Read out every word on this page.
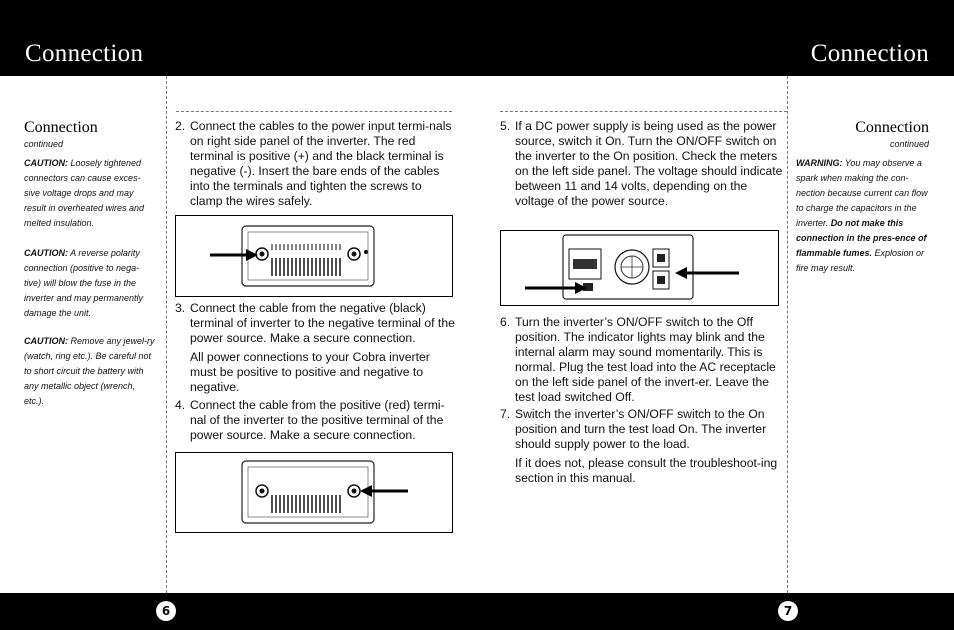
Connection	Connection
Connection
continued
CAUTION: Loosely tightened connectors can cause exces-sive voltage drops and may result in overheated wires and melted insulation.
CAUTION: A reverse polarity connection (positive to nega-tive) will blow the fuse in the inverter and may permanently damage the unit.
CAUTION: Remove any jewel-ry (watch, ring etc.). Be careful not to short circuit the battery with any metallic object (wrench, etc.).
2. Connect the cables to the power input termi-nals on right side panel of the inverter. The red terminal is positive (+) and the black terminal is negative (-). Insert the bare ends of the cables into the terminals and tighten the screws to clamp the wires safely.
3. Connect the cable from the negative (black) terminal of inverter to the negative terminal of the power source. Make a secure connection.
All power connections to your Cobra inverter must be positive to positive and negative to negative.
4. Connect the cable from the positive (red) termi-nal of the inverter to the positive terminal of the power source. Make a secure connection.
5. If a DC power supply is being used as the power source, switch it On. Turn the ON/OFF switch on the inverter to the On position. Check the meters on the left side panel. The voltage should indicate between 11 and 14 volts, depending on the voltage of the power source.
6. Turn the inverter’s ON/OFF switch to the Off position. The indicator lights may blink and the internal alarm may sound momentarily. This is normal. Plug the test load into the AC receptacle on the left side panel of the invert-er. Leave the test load switched Off.
7. Switch the inverter’s ON/OFF switch to the On position and turn the test load On. The inverter should supply power to the load.
If it does not, please consult the troubleshoot-ing section in this manual.
Connection
continued
WARNING: You may observe a spark when making the con-nection because current can flow to charge the capacitors in the inverter. Do not make this connection in the pres-ence of flammable fumes. Explosion or fire may result.
6	7
